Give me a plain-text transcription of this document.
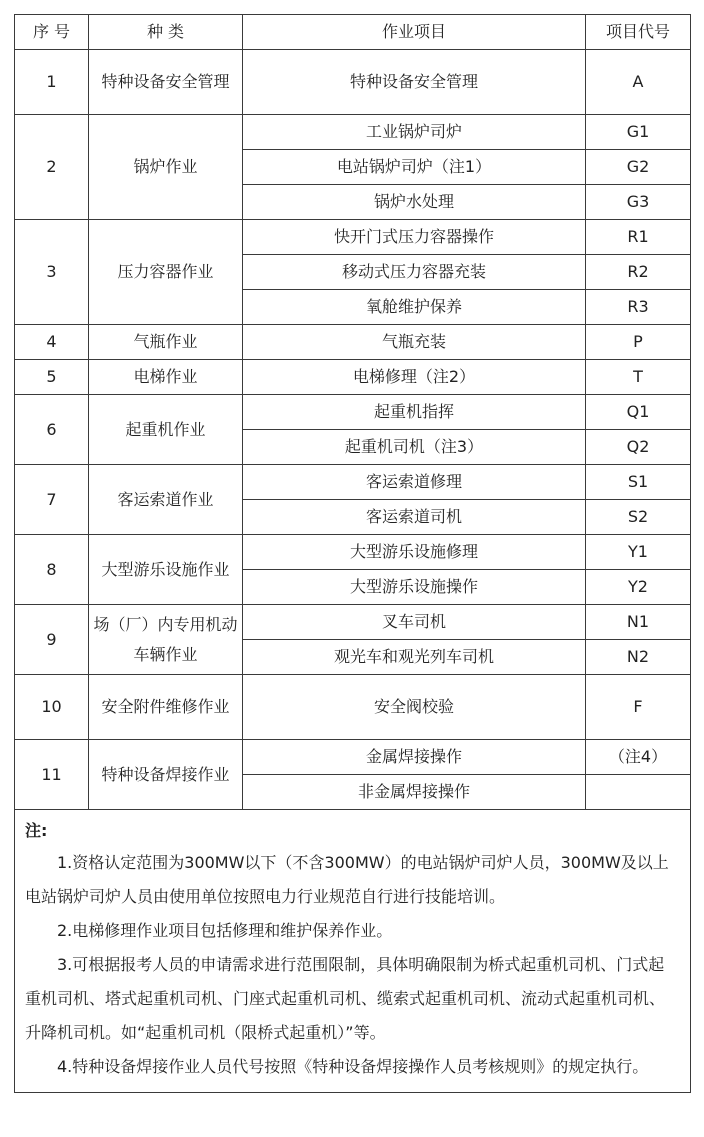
序 号	种 类	作业项目	项目代号
1	特种设备安全管理	特种设备安全管理	A
2	锅炉作业	工业锅炉司炉	G1
		电站锅炉司炉（注1）	G2
		锅炉水处理	G3
3	压力容器作业	快开门式压力容器操作	R1
		移动式压力容器充装	R2
		氧舱维护保养	R3
4	气瓶作业	气瓶充装	P
5	电梯作业	电梯修理（注2）	T
6	起重机作业	起重机指挥	Q1
		起重机司机（注3）	Q2
7	客运索道作业	客运索道修理	S1
		客运索道司机	S2
8	大型游乐设施作业	大型游乐设施修理	Y1
		大型游乐设施操作	Y2
9	场（厂）内专用机动车辆作业	叉车司机	N1
		观光车和观光列车司机	N2
10	安全附件维修作业	安全阀校验	F
11	特种设备焊接作业	金属焊接操作	（注4）
		非金属焊接操作	

注:
1.资格认定范围为300MW以下（不含300MW）的电站锅炉司炉人员，300MW及以上电站锅炉司炉人员由使用单位按照电力行业规范自行进行技能培训。
2.电梯修理作业项目包括修理和维护保养作业。
3.可根据报考人员的申请需求进行范围限制，具体明确限制为桥式起重机司机、门式起重机司机、塔式起重机司机、门座式起重机司机、缆索式起重机司机、流动式起重机司机、升降机司机。如“起重机司机（限桥式起重机）”等。
4.特种设备焊接作业人员代号按照《特种设备焊接操作人员考核规则》的规定执行。			
